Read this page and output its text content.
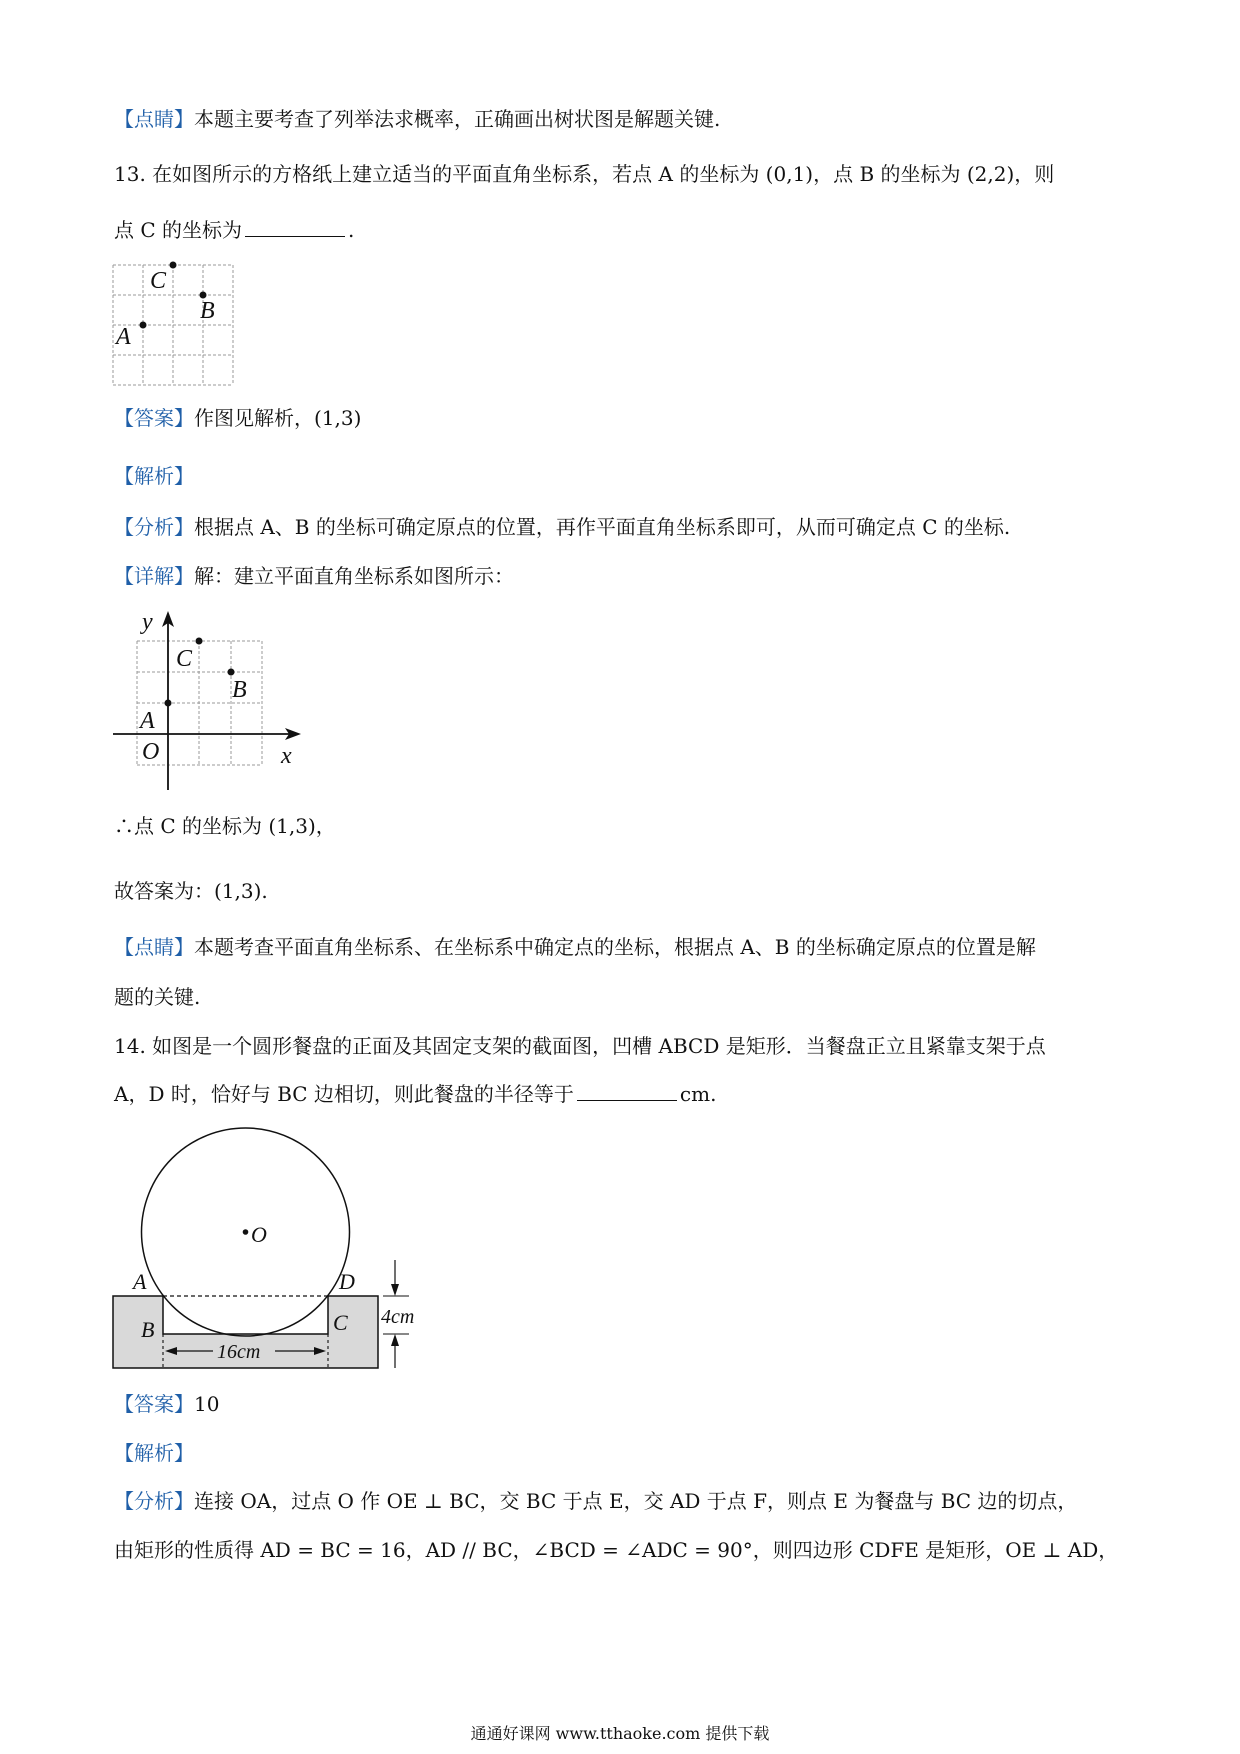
【点睛】本题主要考查了列举法求概率，正确画出树状图是解题关键.
13. 在如图所示的方格纸上建立适当的平面直角坐标系，若点 A 的坐标为 (0,1)，点 B 的坐标为 (2,2)，则
点 C 的坐标为	.
A
B
C
【答案】作图见解析，(1,3)
【解析】
【分析】根据点 A、B 的坐标可确定原点的位置，再作平面直角坐标系即可，从而可确定点 C 的坐标.
【详解】解：建立平面直角坐标系如图所示：
y
C
B
A
O	x
∴点 C 的坐标为 (1,3)，
故答案为：(1,3).
【点睛】本题考查平面直角坐标系、在坐标系中确定点的坐标，根据点 A、B 的坐标确定原点的位置是解
题的关键.
14. 如图是一个圆形餐盘的正面及其固定支架的截面图，凹槽 ABCD 是矩形．当餐盘正立且紧靠支架于点
A，D 时，恰好与 BC 边相切，则此餐盘的半径等于	cm.
O
A	D
B	C
16cm
4cm
【答案】10
【解析】
【分析】连接 OA，过点 O 作 OE ⊥ BC，交 BC 于点 E，交 AD 于点 F，则点 E 为餐盘与 BC 边的切点，
由矩形的性质得 AD = BC = 16，AD // BC，∠BCD = ∠ADC = 90°，则四边形 CDFE 是矩形，OE ⊥ AD，
通通好课网 www.tthaoke.com 提供下载
